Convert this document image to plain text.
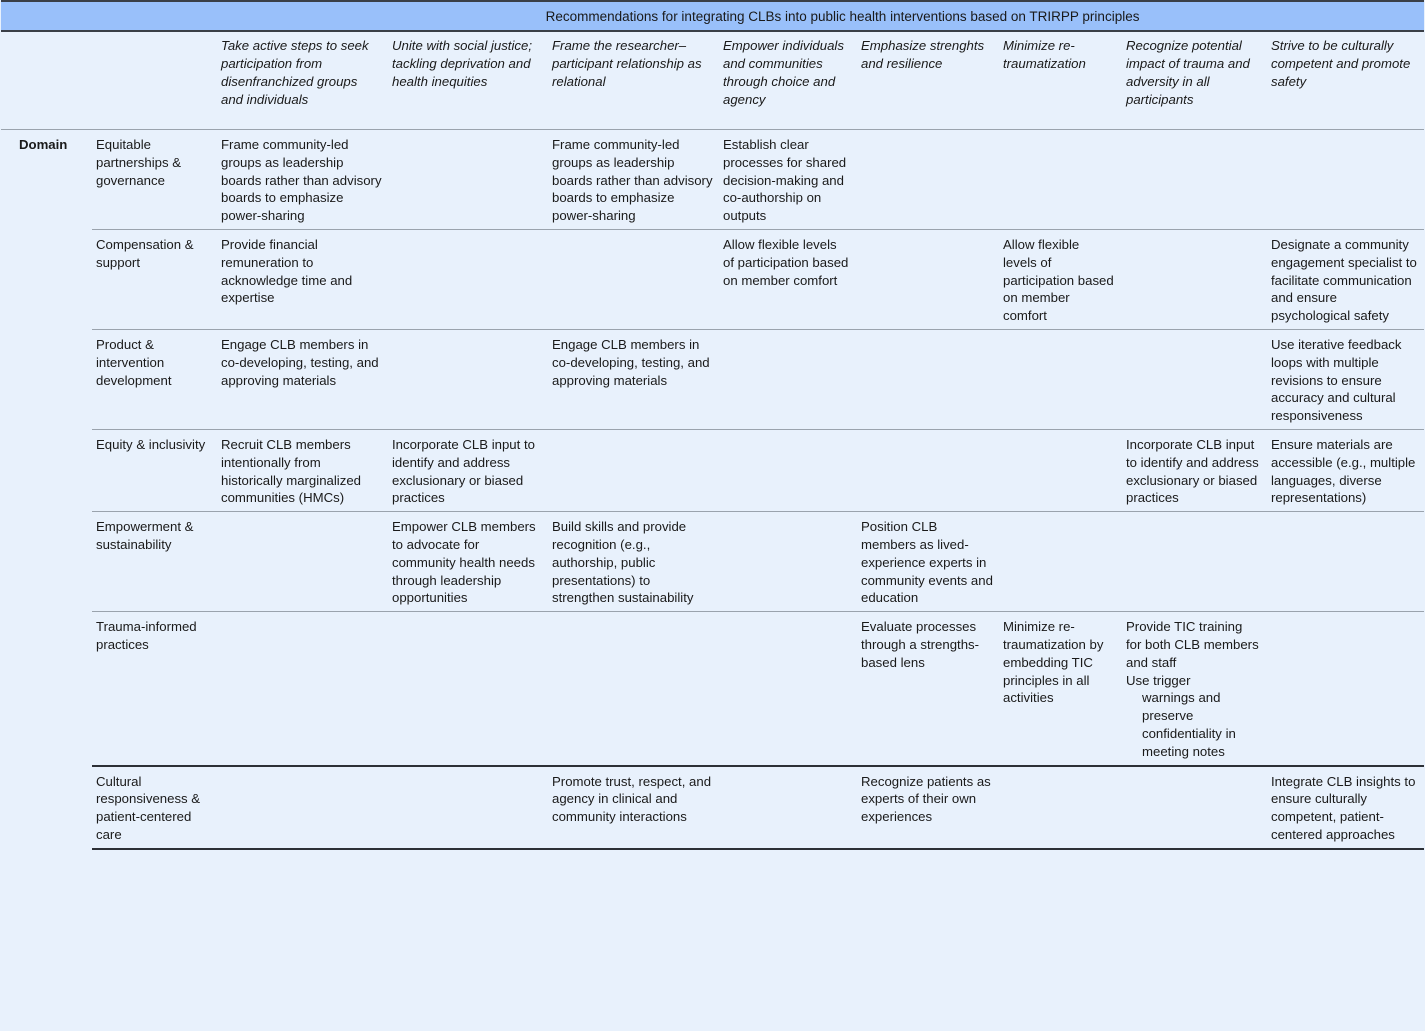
Recommendations for integrating CLBs into public health interventions based on TRIRPP principles									
		Take active steps to seek participation from disenfranchized groups and individuals	Unite with social justice; tackling deprivation and health inequities	Frame the researcher–participant relationship as relational	Empower individuals and communities through choice and agency	Emphasize strenghts and resilience	Minimize re-traumatization	Recognize potential impact of trauma and adversity in all participants	Strive to be culturally competent and promote safety
Domain	Equitable partnerships & governance	Frame community-led groups as leadership boards rather than advisory boards to emphasize power-sharing		Frame community-led groups as leadership boards rather than advisory boards to emphasize power-sharing	Establish clear processes for shared decision-making and co-authorship on outputs				
	Compensation & support	Provide financial remuneration to acknowledge time and expertise			Allow flexible levels of participation based on member comfort		Allow flexible levels of participation based on member comfort		Designate a community engagement specialist to facilitate communication and ensure psychological safety
	Product & intervention development	Engage CLB members in co-developing, testing, and approving materials		Engage CLB members in co-developing, testing, and approving materials					Use iterative feedback loops with multiple revisions to ensure accuracy and cultural responsiveness
	Equity & inclusivity	Recruit CLB members intentionally from historically marginalized communities (HMCs)	Incorporate CLB input to identify and address exclusionary or biased practices					Incorporate CLB input to identify and address exclusionary or biased practices	Ensure materials are accessible (e.g., multiple languages, diverse representations)
	Empowerment & sustainability		Empower CLB members to advocate for community health needs through leadership opportunities	Build skills and provide recognition (e.g., authorship, public presentations) to strengthen sustainability		Position CLB members as lived-experience experts in community events and education			
	Trauma-informed practices					Evaluate processes through a strengths-based lens	Minimize re-traumatization by embedding TIC principles in all activities	Provide TIC training for both CLB members and staff
Use trigger
warnings and preserve confidentiality in meeting notes	

	Cultural responsiveness & patient-centered care			Promote trust, respect, and agency in clinical and community interactions		Recognize patients as experts of their own experiences			Integrate CLB insights to ensure culturally competent, patient-centered approaches
